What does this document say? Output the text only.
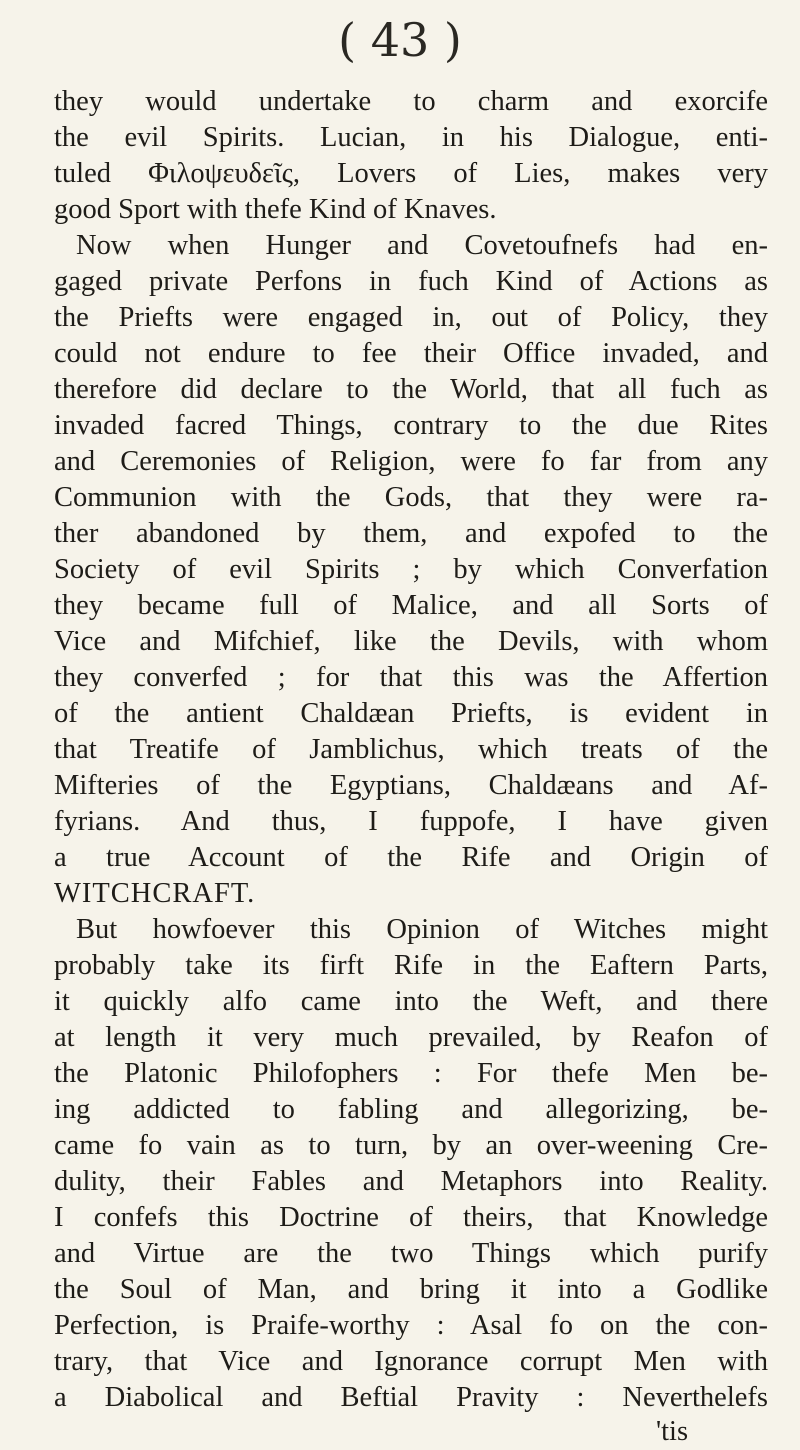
( 43 )
they would undertake to charm and exorcife
the evil Spirits. Lucian, in his Dialogue, enti-
tuled Φιλοψευδεῖς, Lovers of Lies, makes very
good Sport with thefe Kind of Knaves.
Now when Hunger and Covetoufnefs had en-
gaged private Perfons in fuch Kind of Actions as
the Priefts were engaged in, out of Policy, they
could not endure to fee their Office invaded, and
therefore did declare to the World, that all fuch as
invaded facred Things, contrary to the due Rites
and Ceremonies of Religion, were fo far from any
Communion with the Gods, that they were ra-
ther abandoned by them, and expofed to the
Society of evil Spirits ; by which Converfation
they became full of Malice, and all Sorts of
Vice and Mifchief, like the Devils, with whom
they converfed ; for that this was the Affertion
of the antient Chaldæan Priefts, is evident in
that Treatife of Jamblichus, which treats of the
Mifteries of the Egyptians, Chaldæans and Af-
fyrians. And thus, I fuppofe, I have given
a true Account of the Rife and Origin of
WITCHCRAFT.
But howfoever this Opinion of Witches might
probably take its firft Rife in the Eaftern Parts,
it quickly alfo came into the Weft, and there
at length it very much prevailed, by Reafon of
the Platonic Philofophers : For thefe Men be-
ing addicted to fabling and allegorizing, be-
came fo vain as to turn, by an over-weening Cre-
dulity, their Fables and Metaphors into Reality.
I confefs this Doctrine of theirs, that Knowledge
and Virtue are the two Things which purify
the Soul of Man, and bring it into a Godlike
Perfection, is Praife-worthy : Asal fo on the con-
trary, that Vice and Ignorance corrupt Men with
a Diabolical and Beftial Pravity : Neverthelefs
'tis
